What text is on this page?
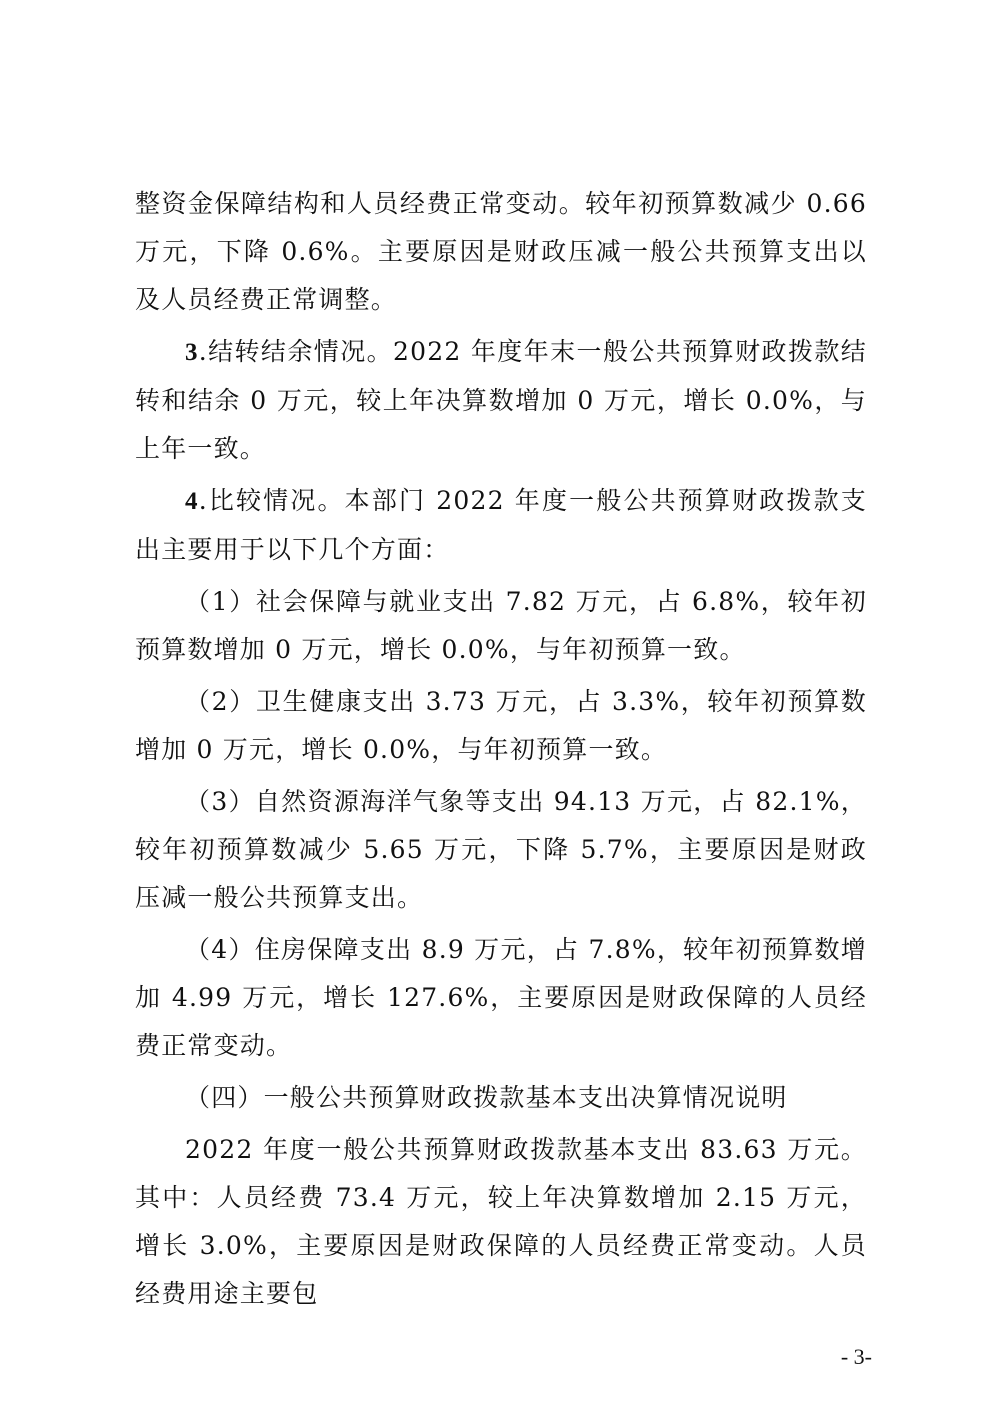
整资金保障结构和人员经费正常变动。较年初预算数减少 0.66 万元，下降 0.6%。主要原因是财政压减一般公共预算支出以及人员经费正常调整。

3.结转结余情况。2022 年度年末一般公共预算财政拨款结转和结余 0 万元，较上年决算数增加 0 万元，增长 0.0%，与上年一致。

4.比较情况。本部门 2022 年度一般公共预算财政拨款支出主要用于以下几个方面：

（1）社会保障与就业支出 7.82 万元，占 6.8%，较年初预算数增加 0 万元，增长 0.0%，与年初预算一致。

（2）卫生健康支出 3.73 万元，占 3.3%，较年初预算数增加 0 万元，增长 0.0%，与年初预算一致。

（3）自然资源海洋气象等支出 94.13 万元，占 82.1%，较年初预算数减少 5.65 万元，下降 5.7%，主要原因是财政压减一般公共预算支出。

（4）住房保障支出 8.9 万元，占 7.8%，较年初预算数增加 4.99 万元，增长 127.6%，主要原因是财政保障的人员经费正常变动。

（四）一般公共预算财政拨款基本支出决算情况说明

2022 年度一般公共预算财政拨款基本支出 83.63 万元。其中：人员经费 73.4 万元，较上年决算数增加 2.15 万元，增长 3.0%，主要原因是财政保障的人员经费正常变动。人员经费用途主要包

- 3-
